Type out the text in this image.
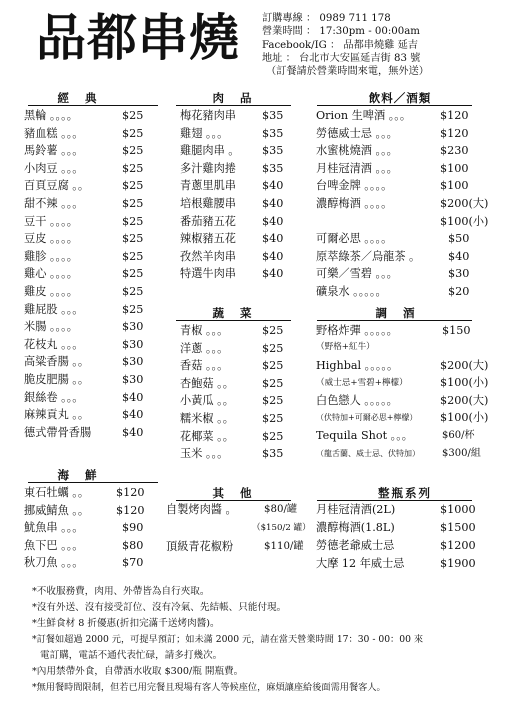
品都串燒 訂購專線 ： 0989 711 178
營業時間 ： 17:30pm - 00:00am
Facebook/IG ： 品都串燒雞 延吉
地址 ： 台北市大安區延吉街 83 號
（訂餐請於營業時間來電，無外送）
經 典	肉 品	飲料／酒類
黑輪 。。。。	$25
豬血糕 。。。	$25
馬鈴薯 。。。	$25
小肉豆 。。。	$25
百頁豆腐 。。	$25
甜不辣 。。。	$25
豆干 。。。。	$25
豆皮 。。。。	$25
雞胗 。。。。	$25
雞心 。。。。	$25
雞皮 。。。。	$25
雞屁股 。。。	$25
米腸 。。。。	$30
花枝丸 。。。	$30
高粱香腸 。。	$30
脆皮肥腸 。。	$30
銀絲卷 。。。	$40
麻辣貢丸 。。	$40
德式帶骨香腸	$40
梅花豬肉串 $35
雞翅 。。。	$35
雞腿肉串 。 $35
多汁雞肉捲 $35
青蔥里肌串 $40
培根雞腰串 $40
番茄豬五花 $40
辣椒豬五花 $40
孜然羊肉串 $40
特選牛肉串 $40
蔬 菜
青椒 。。。	$25
洋蔥 。。。	$25
香菇 。。。	$25
杏鮑菇 。。	$25
小黃瓜 。。	$25
糯米椒 。。	$25
花椰菜 。。	$25
玉米 。。。	$35
Orion 生啤酒 。。。	$120
勞德威士忌 。。。	$120
水蜜桃燒酒 。。。	$230
月桂冠清酒 。。。	$100
台啤金牌 。。。。	$100
濃醇梅酒 。。。。	$200(大)
$100(小)
可爾必思 。。。。	$50
原萃綠茶／烏龍茶 。 $40
可樂／雪碧 。。。	$30
礦泉水 。。。。。	$20
調 酒
野格炸彈 。。。。。	$150
（野格+紅牛）
Highbal 。。。。。	$200(大)
（威士忌+雪碧+檸檬）	$100(小)
白色戀人 。。。。。	$200(大)
（伏特加+可爾必思+檸檬） $100(小)
Tequila Shot 。。。	$60/杯
（龍舌蘭、威士忌、伏特加） $300/組
海 鮮
東石牡蠣 。。 $120
挪威鯖魚 。。 $120
魷魚串 。。。	$90
魚下巴 。。。	$80
秋刀魚 。。。	$70
其 他
自製烤肉醬 。	$80/罐
（$150/2 罐）
頂級青花椒粉	$110/罐
整瓶系列
月桂冠清酒(2L)	$1000
濃醇梅酒(1.8L)	$1500
勞德老爺威士忌	$1200
大摩 12 年威士忌	$1900
*不收服務費，肉用、外帶皆為自行夾取。
*沒有外送、沒有接受訂位、沒有冷氣、先結帳、只能付現。
*生鮮食材 8 折優惠(折扣完滿千送烤肉醬)。
*訂餐如超過 2000 元，可提早預訂；如未滿 2000 元，請在當天營業時間 17：30 - 00：00 來
電訂購，電話不通代表忙碌，請多打幾次。
*內用禁帶外食，自帶酒水收取 $300/瓶 開瓶費。
*無用餐時間限制，但若已用完餐且現場有客人等候座位，麻煩讓座給後面需用餐客人。
